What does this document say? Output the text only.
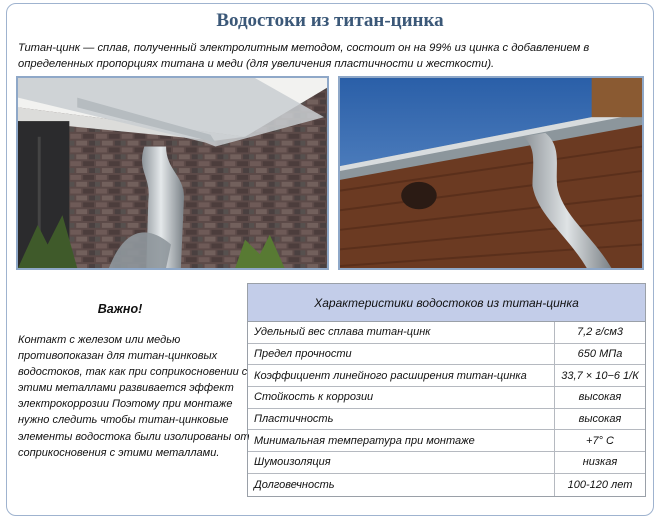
Водостоки из титан-цинка
Титан-цинк — сплав, полученный электролитным методом, состоит он на 99% из цинка с добавлением в определенных пропорциях титана и меди (для увеличения пластичности и жесткости).
Важно!
Контакт с железом или медью противопоказан для титан-цинковых водостоков, так как при соприкосновении с этими металлами развивается эффект электрокоррозии Поэтому при монтаже нужно следить чтобы титан-цинковые элементы водостока были изолированы от соприкосновения с этими металлами.
Характеристики водостоков из титан-цинка
Удельный вес сплава титан-цинк	7,2 г/см3
Предел прочности	650 МПа
Коэффициент линейного расширения титан-цинка	33,7 × 10−6 1/К
Стойкость к коррозии	высокая
Пластичность	высокая
Минимальная температура при монтаже	+7° С
Шумоизоляция	низкая
Долговечность	100-120 лет
